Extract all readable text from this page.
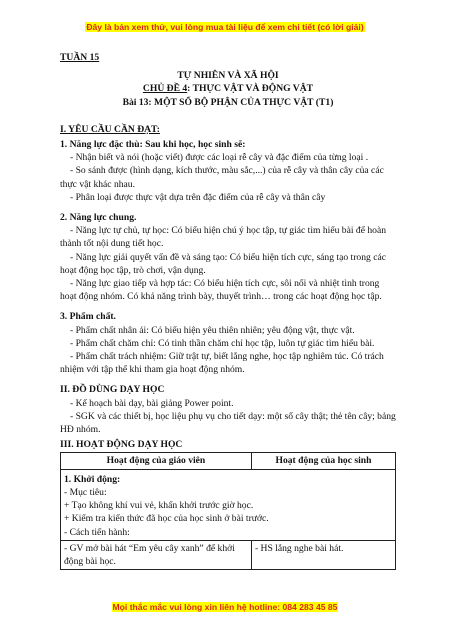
Đây là bản xem thử, vui lòng mua tài liệu để xem chi tiết (có lời giải)
TUẦN 15
TỰ NHIÊN VÀ XÃ HỘI
CHỦ ĐỀ 4: THỰC VẬT VÀ ĐỘNG VẬT
Bài 13: MỘT SỐ BỘ PHẬN CỦA THỰC VẬT (T1)
I. YÊU CẦU CẦN ĐẠT:
1. Năng lực đặc thù: Sau khi học, học sinh sẽ:
- Nhận biết và nói (hoặc viết) được các loại rễ cây và đặc điểm của từng loại .
- So sánh được (hình dạng, kích thước, màu sắc,...) của rễ cây và thân cây của các thực vật khác nhau.
- Phân loại được thực vật dựa trên đặc điểm của rễ cây và thân cây
2. Năng lực chung.
- Năng lực tự chủ, tự học: Có biểu hiện chú ý học tập, tự giác tìm hiểu bài để hoàn thành tốt nội dung tiết học.
- Năng lực giải quyết vấn đề và sáng tạo: Có biểu hiện tích cực, sáng tạo trong các hoạt động học tập, trò chơi, vận dụng.
- Năng lực giao tiếp và hợp tác: Có biểu hiện tích cực, sôi nổi và nhiệt tình trong hoạt động nhóm. Có khả năng trình bày, thuyết trình… trong các hoạt động học tập.
3. Phẩm chất.
- Phẩm chất nhân ái: Có biểu hiện yêu thiên nhiên; yêu động vật, thực vật.
- Phẩm chất chăm chỉ: Có tinh thần chăm chỉ học tập, luôn tự giác tìm hiểu bài.
- Phẩm chất trách nhiệm: Giữ trật tự, biết lắng nghe, học tập nghiêm túc. Có trách nhiệm với tập thể khi tham gia hoạt động nhóm.
II. ĐỒ DÙNG DẠY HỌC
- Kế hoạch bài dạy, bài giảng Power point.
- SGK và các thiết bị, học liệu phụ vụ cho tiết dạy: một số cây thật; thẻ tên cây; bảng HĐ nhóm.
III. HOẠT ĐỘNG DẠY HỌC
Hoạt động của giáo viên	Hoạt động của học sinh

1. Khởi động:
- Mục tiêu:
+ Tạo không khí vui vẻ, khấn khởi trước giờ học.
+ Kiểm tra kiến thức đã học của học sinh ở bài trước.
- Cách tiến hành:	

- GV mở bài hát “Em yêu cây xanh” để khởi động bài học.	- HS lắng nghe bài hát.
Mọi thắc mắc vui lòng xin liên hệ hotline: 084 283 45 85
